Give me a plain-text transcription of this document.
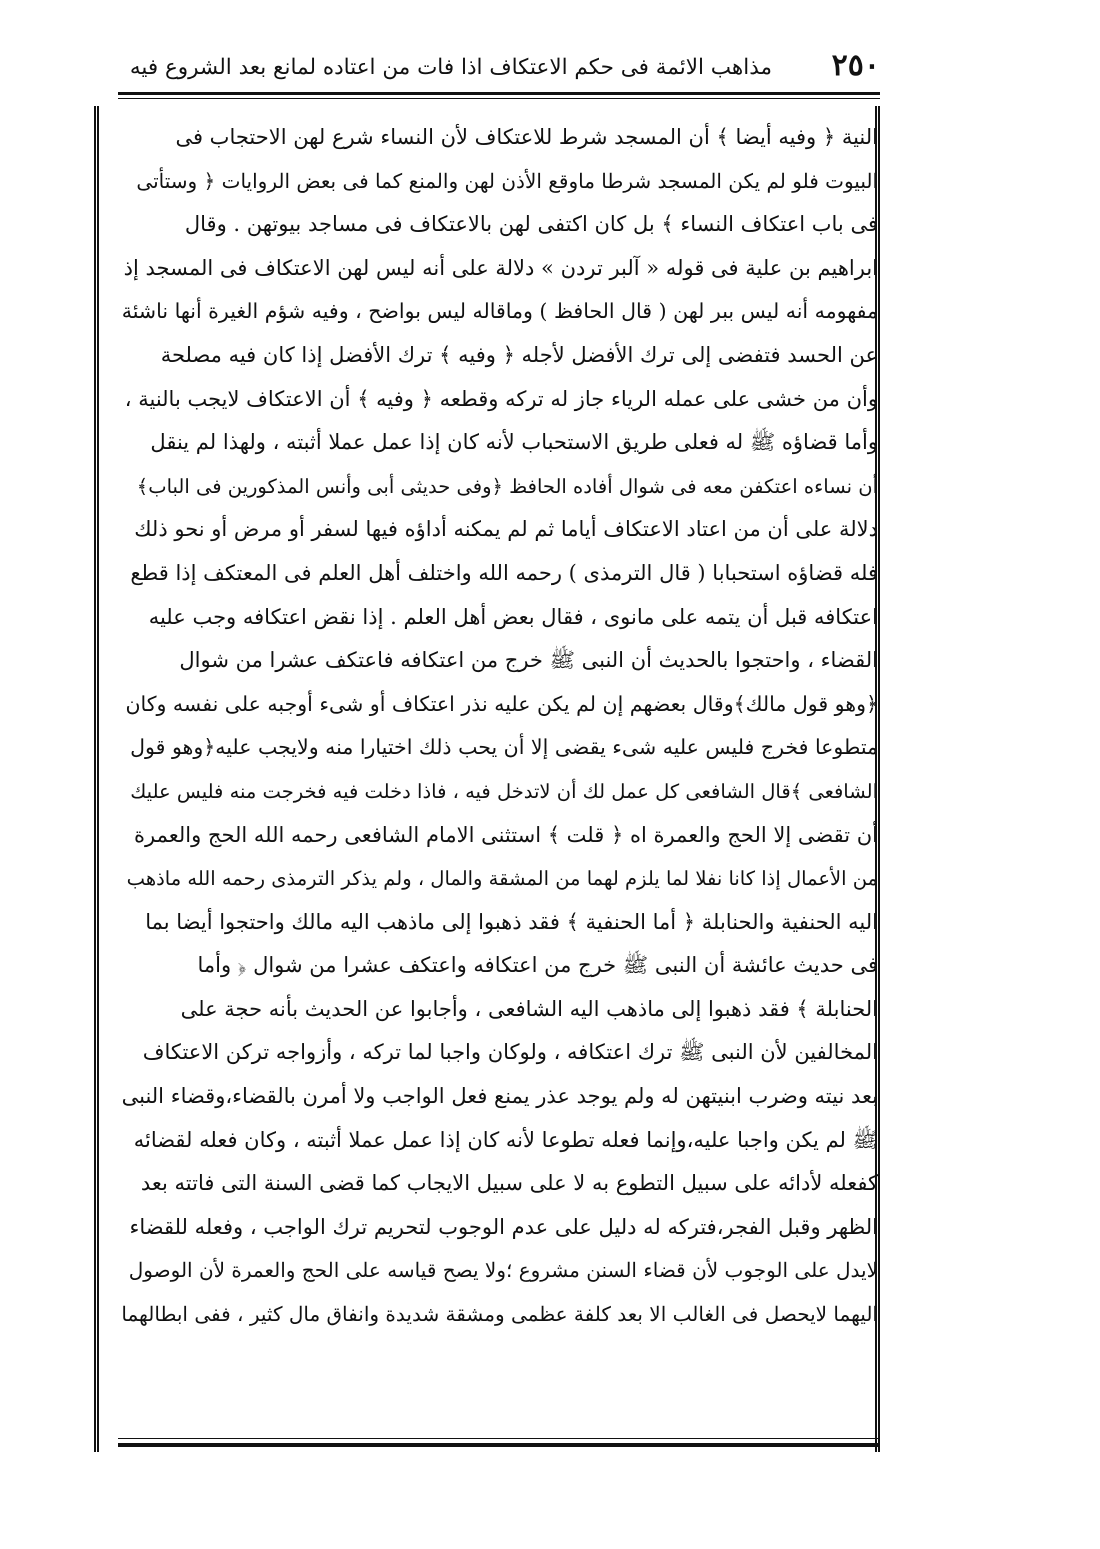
٢٥٠
مذاهب الائمة فى حكم الاعتكاف اذا فات من اعتاده لمانع بعد الشروع فيه
النية ﴿ وفيه أيضا ﴾ أن المسجد شرط للاعتكاف لأن النساء شرع لهن الاحتجاب فى
البيوت فلو لم يكن المسجد شرطا ماوقع الأذن لهن والمنع كما فى بعض الروايات ﴿ وستأتى
فى باب اعتكاف النساء ﴾ بل كان اكتفى لهن بالاعتكاف فى مساجد بيوتهن . وقال
ابراهيم بن علية فى قوله « آلبر تردن » دلالة على أنه ليس لهن الاعتكاف فى المسجد إذ
مفهومه أنه ليس ببر لهن ( قال الحافظ ) وماقاله ليس بواضح ، وفيه شؤم الغيرة أنها ناشئة
عن الحسد فتفضى إلى ترك الأفضل لأجله ﴿ وفيه ﴾ ترك الأفضل إذا كان فيه مصلحة
وأن من خشى على عمله الرياء جاز له تركه وقطعه ﴿ وفيه ﴾ أن الاعتكاف لايجب بالنية ،
وأما قضاؤه ﷺ له فعلى طريق الاستحباب لأنه كان إذا عمل عملا أثبته ، ولهذا لم ينقل
أن نساءه اعتكفن معه فى شوال أفاده الحافظ ﴿وفى حديثى أبى وأنس المذكورين فى الباب﴾
دلالة على أن من اعتاد الاعتكاف أياما ثم لم يمكنه أداؤه فيها لسفر أو مرض أو نحو ذلك
فله قضاؤه استحبابا ( قال الترمذى ) رحمه الله واختلف أهل العلم فى المعتكف إذا قطع
اعتكافه قبل أن يتمه على مانوى ، فقال بعض أهل العلم . إذا نقض اعتكافه وجب عليه
القضاء ، واحتجوا بالحديث أن النبى ﷺ خرج من اعتكافه فاعتكف عشرا من شوال
﴿وهو قول مالك﴾وقال بعضهم إن لم يكن عليه نذر اعتكاف أو شىء أوجبه على نفسه وكان
متطوعا فخرج فليس عليه شىء يقضى إلا أن يحب ذلك اختيارا منه ولايجب عليه﴿وهو قول
الشافعى ﴾قال الشافعى كل عمل لك أن لاتدخل فيه ، فاذا دخلت فيه فخرجت منه فليس عليك
أن تقضى إلا الحج والعمرة اه ﴿ قلت ﴾ استثنى الامام الشافعى رحمه الله الحج والعمرة
من الأعمال إذا كانا نفلا لما يلزم لهما من المشقة والمال ، ولم يذكر الترمذى رحمه الله ماذهب
اليه الحنفية والحنابلة ﴿ أما الحنفية ﴾ فقد ذهبوا إلى ماذهب اليه مالك واحتجوا أيضا بما
فى حديث عائشة أن النبى ﷺ خرج من اعتكافه واعتكف عشرا من شوال ﴿ وأما
الحنابلة ﴾ فقد ذهبوا إلى ماذهب اليه الشافعى ، وأجابوا عن الحديث بأنه حجة على
المخالفين لأن النبى ﷺ ترك اعتكافه ، ولوكان واجبا لما تركه ، وأزواجه تركن الاعتكاف
بعد نيته وضرب ابنيتهن له ولم يوجد عذر يمنع فعل الواجب ولا أمرن بالقضاء،وقضاء النبى
ﷺ لم يكن واجبا عليه،وإنما فعله تطوعا لأنه كان إذا عمل عملا أثبته ، وكان فعله لقضائه
كفعله لأدائه على سبيل التطوع به لا على سبيل الايجاب كما قضى السنة التى فاتته بعد
الظهر وقبل الفجر،فتركه له دليل على عدم الوجوب لتحريم ترك الواجب ، وفعله للقضاء
لايدل على الوجوب لأن قضاء السنن مشروع ؛ولا يصح قياسه على الحج والعمرة لأن الوصول
اليهما لايحصل فى الغالب الا بعد كلفة عظمى ومشقة شديدة وانفاق مال كثير ، ففى ابطالهما
